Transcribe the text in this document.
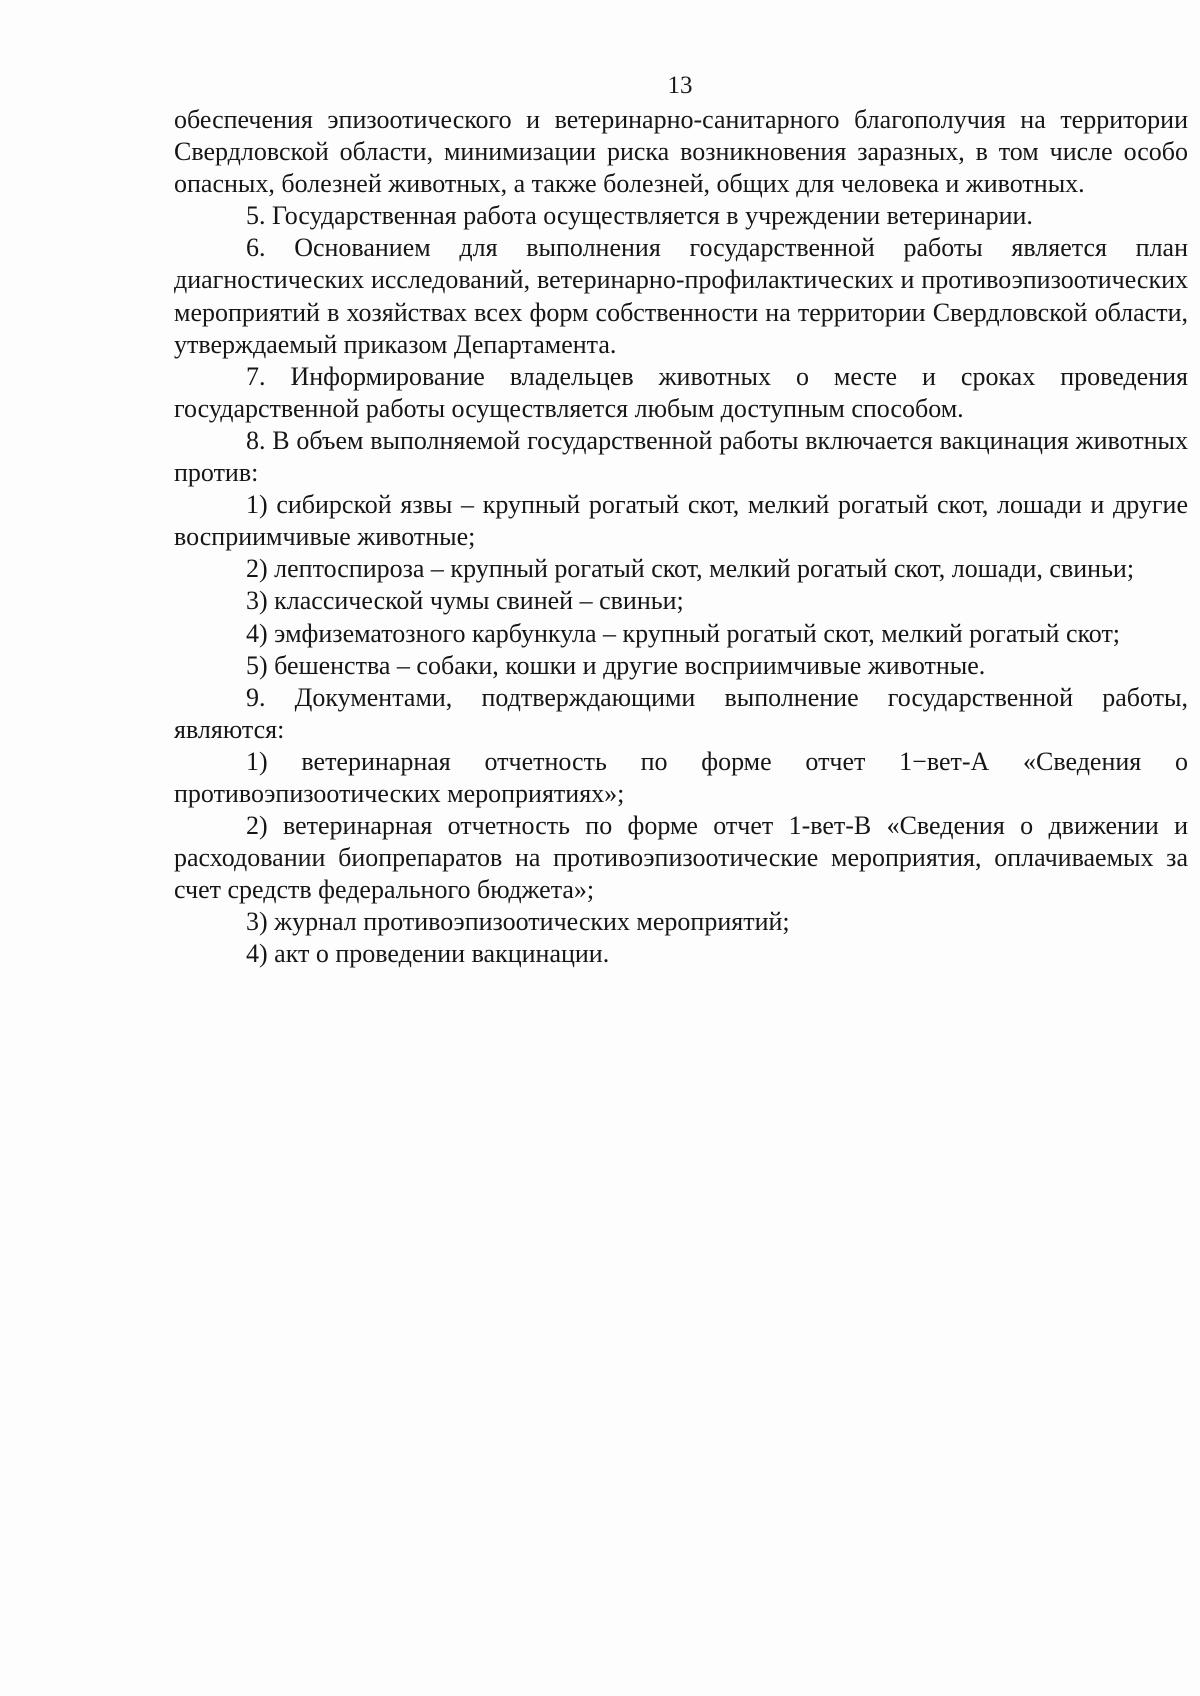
13

обеспечения эпизоотического и ветеринарно-санитарного благополучия на территории Свердловской области, минимизации риска возникновения заразных, в том числе особо опасных, болезней животных, а также болезней, общих для человека и животных.

5. Государственная работа осуществляется в учреждении ветеринарии.

6. Основанием для выполнения государственной работы является план диагностических исследований, ветеринарно-профилактических и противоэпизоотических мероприятий в хозяйствах всех форм собственности на территории Свердловской области, утверждаемый приказом Департамента.

7. Информирование владельцев животных о месте и сроках проведения государственной работы осуществляется любым доступным способом.

8. В объем выполняемой государственной работы включается вакцинация животных против:

1) сибирской язвы – крупный рогатый скот, мелкий рогатый скот, лошади и другие восприимчивые животные;

2) лептоспироза – крупный рогатый скот, мелкий рогатый скот, лошади, свиньи;

3) классической чумы свиней – свиньи;

4) эмфизематозного карбункула – крупный рогатый скот, мелкий рогатый скот;

5) бешенства – собаки, кошки и другие восприимчивые животные.

9. Документами, подтверждающими выполнение государственной работы, являются:

1) ветеринарная отчетность по форме отчет 1−вет-А «Сведения о противоэпизоотических мероприятиях»;

2) ветеринарная отчетность по форме отчет 1-вет-В «Сведения о движении и расходовании биопрепаратов на противоэпизоотические мероприятия, оплачиваемых за счет средств федерального бюджета»;

3) журнал противоэпизоотических мероприятий;

4) акт о проведении вакцинации.
